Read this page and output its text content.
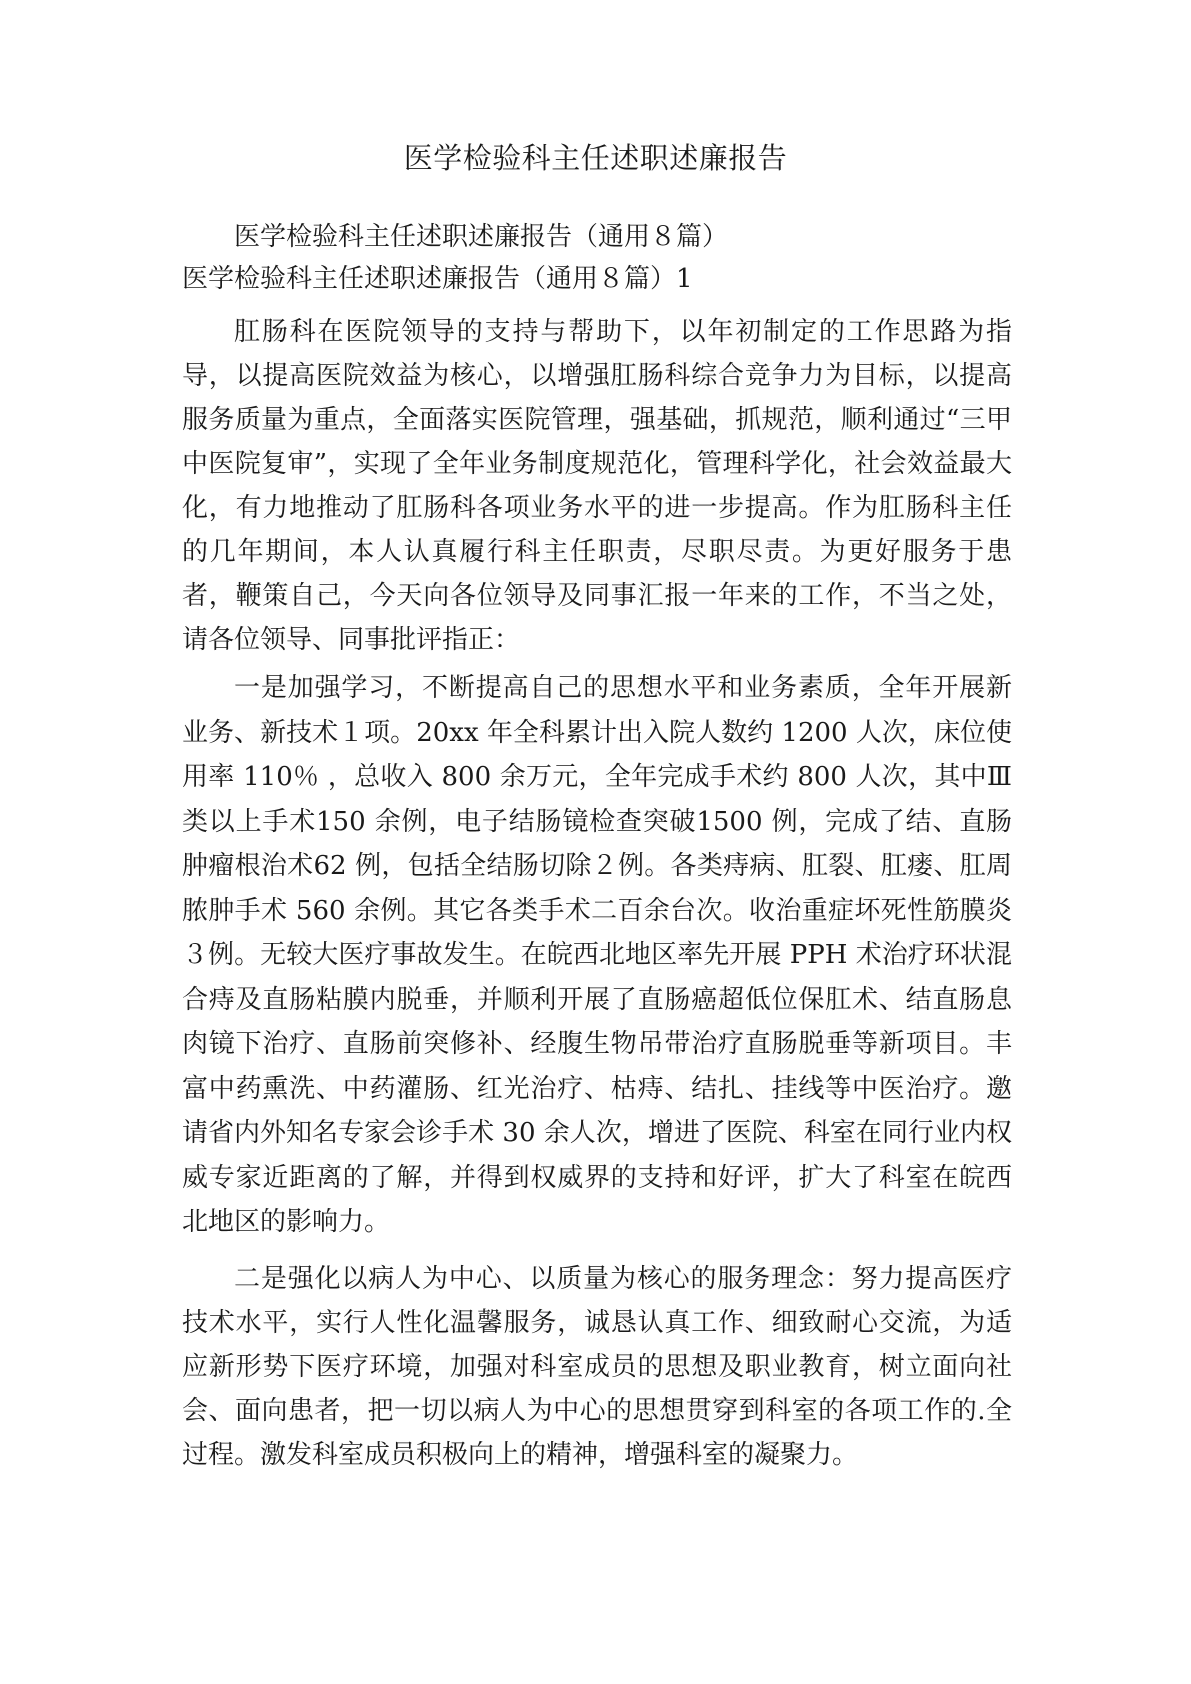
医学检验科主任述职述廉报告

医学检验科主任述职述廉报告（通用８篇）

医学检验科主任述职述廉报告（通用８篇）1

肛肠科在医院领导的支持与帮助下，以年初制定的工作思路为指导，以提高医院效益为核心，以增强肛肠科综合竞争力为目标，以提高服务质量为重点，全面落实医院管理，强基础，抓规范，顺利通过“三甲中医院复审”，实现了全年业务制度规范化，管理科学化，社会效益最大化，有力地推动了肛肠科各项业务水平的进一步提高。作为肛肠科主任的几年期间，本人认真履行科主任职责，尽职尽责。为更好服务于患者，鞭策自己，今天向各位领导及同事汇报一年来的工作，不当之处，请各位领导、同事批评指正：

一是加强学习，不断提高自己的思想水平和业务素质，全年开展新业务、新技术１项。20xx 年全科累计出入院人数约 1200 人次，床位使用率 110％ ，总收入 800 余万元，全年完成手术约 800 人次，其中Ⅲ类以上手术150 余例，电子结肠镜检查突破1500 例，完成了结、直肠肿瘤根治术62 例，包括全结肠切除２例。各类痔病、肛裂、肛瘘、肛周脓肿手术 560 余例。其它各类手术二百余台次。收治重症坏死性筋膜炎３例。无较大医疗事故发生。在皖西北地区率先开展 PPH 术治疗环状混合痔及直肠粘膜内脱垂，并顺利开展了直肠癌超低位保肛术、结直肠息肉镜下治疗、直肠前突修补、经腹生物吊带治疗直肠脱垂等新项目。丰富中药熏洗、中药灌肠、红光治疗、枯痔、结扎、挂线等中医治疗。邀请省内外知名专家会诊手术 30 余人次，增进了医院、科室在同行业内权威专家近距离的了解，并得到权威界的支持和好评，扩大了科室在皖西北地区的影响力。

二是强化以病人为中心、以质量为核心的服务理念：努力提高医疗技术水平，实行人性化温馨服务，诚恳认真工作、细致耐心交流，为适应新形势下医疗环境，加强对科室成员的思想及职业教育，树立面向社会、面向患者，把一切以病人为中心的思想贯穿到科室的各项工作的.全过程。激发科室成员积极向上的精神，增强科室的凝聚力。
